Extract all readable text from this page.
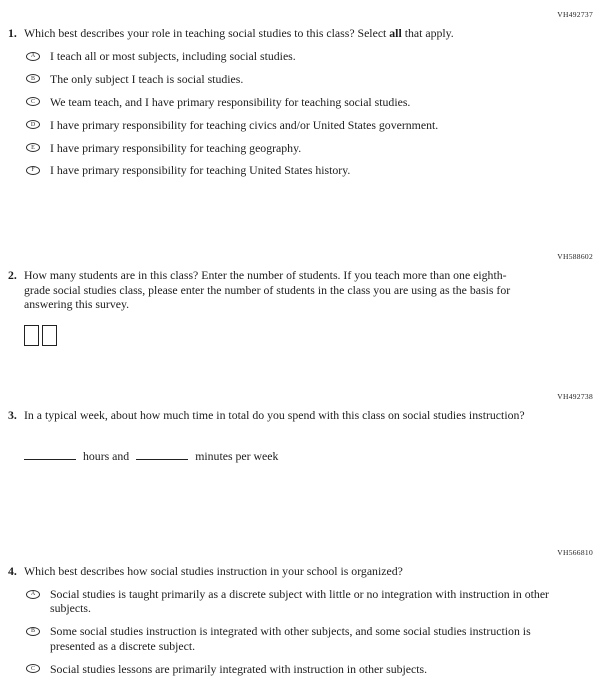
VH492737
1. Which best describes your role in teaching social studies to this class? Select all that apply.
A I teach all or most subjects, including social studies.
B The only subject I teach is social studies.
C We team teach, and I have primary responsibility for teaching social studies.
D I have primary responsibility for teaching civics and/or United States government.
E I have primary responsibility for teaching geography.
F I have primary responsibility for teaching United States history.
VH588602
2. How many students are in this class? Enter the number of students. If you teach more than one eighth-grade social studies class, please enter the number of students in the class you are using as the basis for answering this survey.
VH492738
3. In a typical week, about how much time in total do you spend with this class on social studies instruction?
hours and	minutes per week
VH566810
4. Which best describes how social studies instruction in your school is organized?
A Social studies is taught primarily as a discrete subject with little or no integration with instruction in other subjects.
B Some social studies instruction is integrated with other subjects, and some social studies instruction is presented as a discrete subject.
C Social studies lessons are primarily integrated with instruction in other subjects.
